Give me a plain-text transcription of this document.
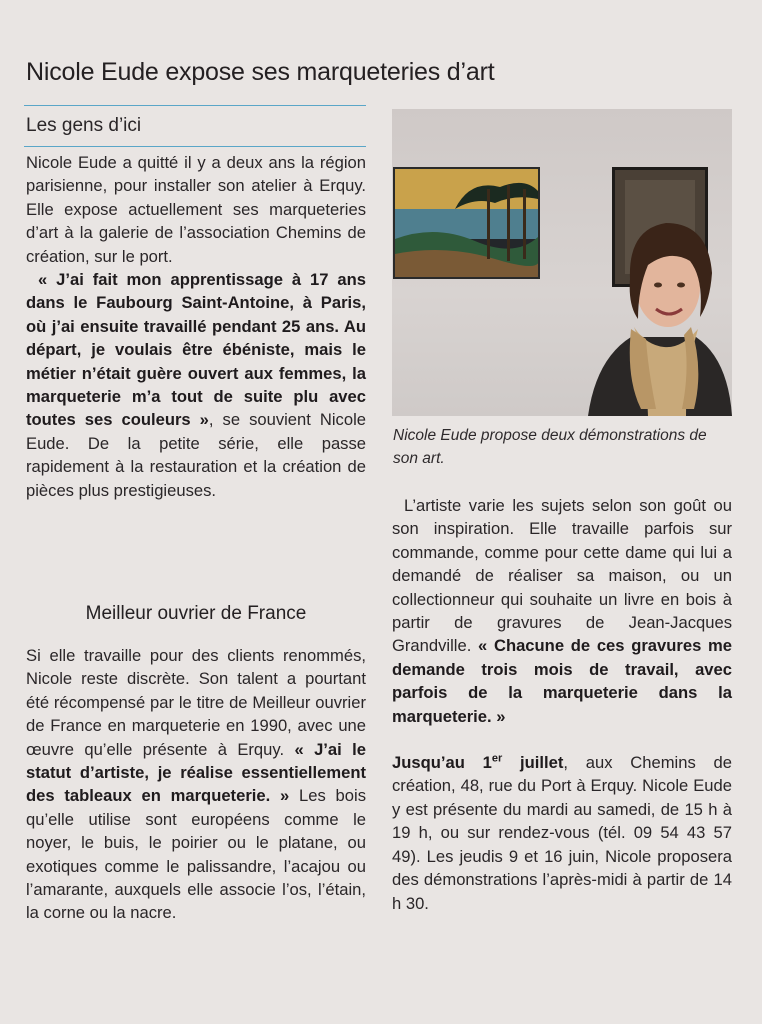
Nicole Eude expose ses marqueteries d’art
Les gens d’ici

Nicole Eude a quitté il y a deux ans la région parisienne, pour installer son atelier à Erquy. Elle expose actuellement ses marqueteries d’art à la galerie de l’association Chemins de création, sur le port.

« J’ai fait mon apprentissage à 17 ans dans le Faubourg Saint-Antoine, à Paris, où j’ai ensuite travaillé pendant 25 ans. Au départ, je voulais être ébéniste, mais le métier n’était guère ouvert aux femmes, la marqueterie m’a tout de suite plu avec toutes ses couleurs », se souvient Nicole Eude. De la petite série, elle passe rapidement à la restauration et la création de pièces plus prestigieuses.

Meilleur ouvrier de France

Si elle travaille pour des clients renommés, Nicole reste discrète. Son talent a pourtant été récompensé par le titre de Meilleur ouvrier de France en marqueterie en 1990, avec une œuvre qu’elle présente à Erquy. « J’ai le statut d’artiste, je réalise essentiellement des tableaux en marqueterie. » Les bois qu’elle utilise sont européens comme le noyer, le buis, le poirier ou le platane, ou exotiques comme le palissandre, l’acajou ou l’amarante, auxquels elle associe l’os, l’étain, la corne ou la nacre.

Nicole Eude propose deux démonstrations de son art.

L’artiste varie les sujets selon son goût ou son inspiration. Elle travaille parfois sur commande, comme pour cette dame qui lui a demandé de réaliser sa maison, ou un collectionneur qui souhaite un livre en bois à partir de gravures de Jean-Jacques Grandville. « Chacune de ces gravures me demande trois mois de travail, avec parfois de la marqueterie dans la marqueterie. »

Jusqu’au 1er juillet, aux Chemins de création, 48, rue du Port à Erquy. Nicole Eude y est présente du mardi au samedi, de 15 h à 19 h, ou sur rendez-vous (tél. 09 54 43 57 49). Les jeudis 9 et 16 juin, Nicole proposera des démonstrations l’après-midi à partir de 14 h 30.
